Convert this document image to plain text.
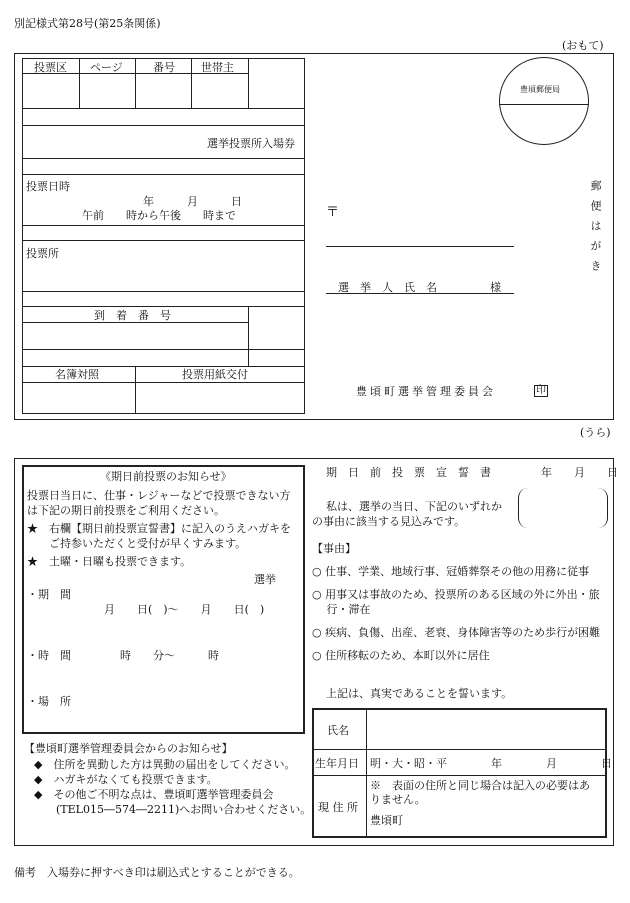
別記様式第28号(第25条関係)
(おもて)
投票区 ページ	番号 世帯主
選挙投票所入場券
投票日時
年　　　月　　　日
午前　　時から午後　　時まで
投票所
到　着　番　号
名簿対照	投票用紙交付
豊頃郵便局
〒
選　挙　人　氏　名	様
郵便はがき
豊頃町選挙管理委員会	印
(うら)
《期日前投票のお知らせ》
投票日当日に、仕事・レジャーなどで投票できない方
は下記の期日前投票をご利用ください。
★　右欄【期日前投票宣誓書】に記入のうえハガキを
　　ご持参いただくと受付が早くすみます。
★　土曜・日曜も投票できます。
選挙
・期　間
月　　日(　)～　　月　　日(　)
・時　間	時　　分～　　　時
・場　所
【豊頃町選挙管理委員会からのお知らせ】
◆　住所を異動した方は異動の届出をしてください。
◆　ハガキがなくても投票できます。
◆　その他ご不明な点は、豊頃町選挙管理委員会
　　(TEL015―574―2211)へお問い合わせください。
期　日　前　投　票　宣　誓　書	年　　月　　日
私は、選挙の当日、下記のいずれか
の事由に該当する見込みです。
【事由】
○ 仕事、学業、地域行事、冠婚葬祭その他の用務に従事
○ 用事又は事故のため、投票所のある区域の外に外出・旅
　 行・滞在
○ 疾病、負傷、出産、老衰、身体障害等のため歩行が困難
○ 住所移転のため、本町以外に居住
上記は、真実であることを誓います。
氏名
生年月日 明・大・昭・平　　　　年　　　　月　　　　日
現 住 所
※　表面の住所と同じ場合は記入の必要はあ
りません。
豊頃町
備考　入場券に押すべき印は刷込式とすることができる。
